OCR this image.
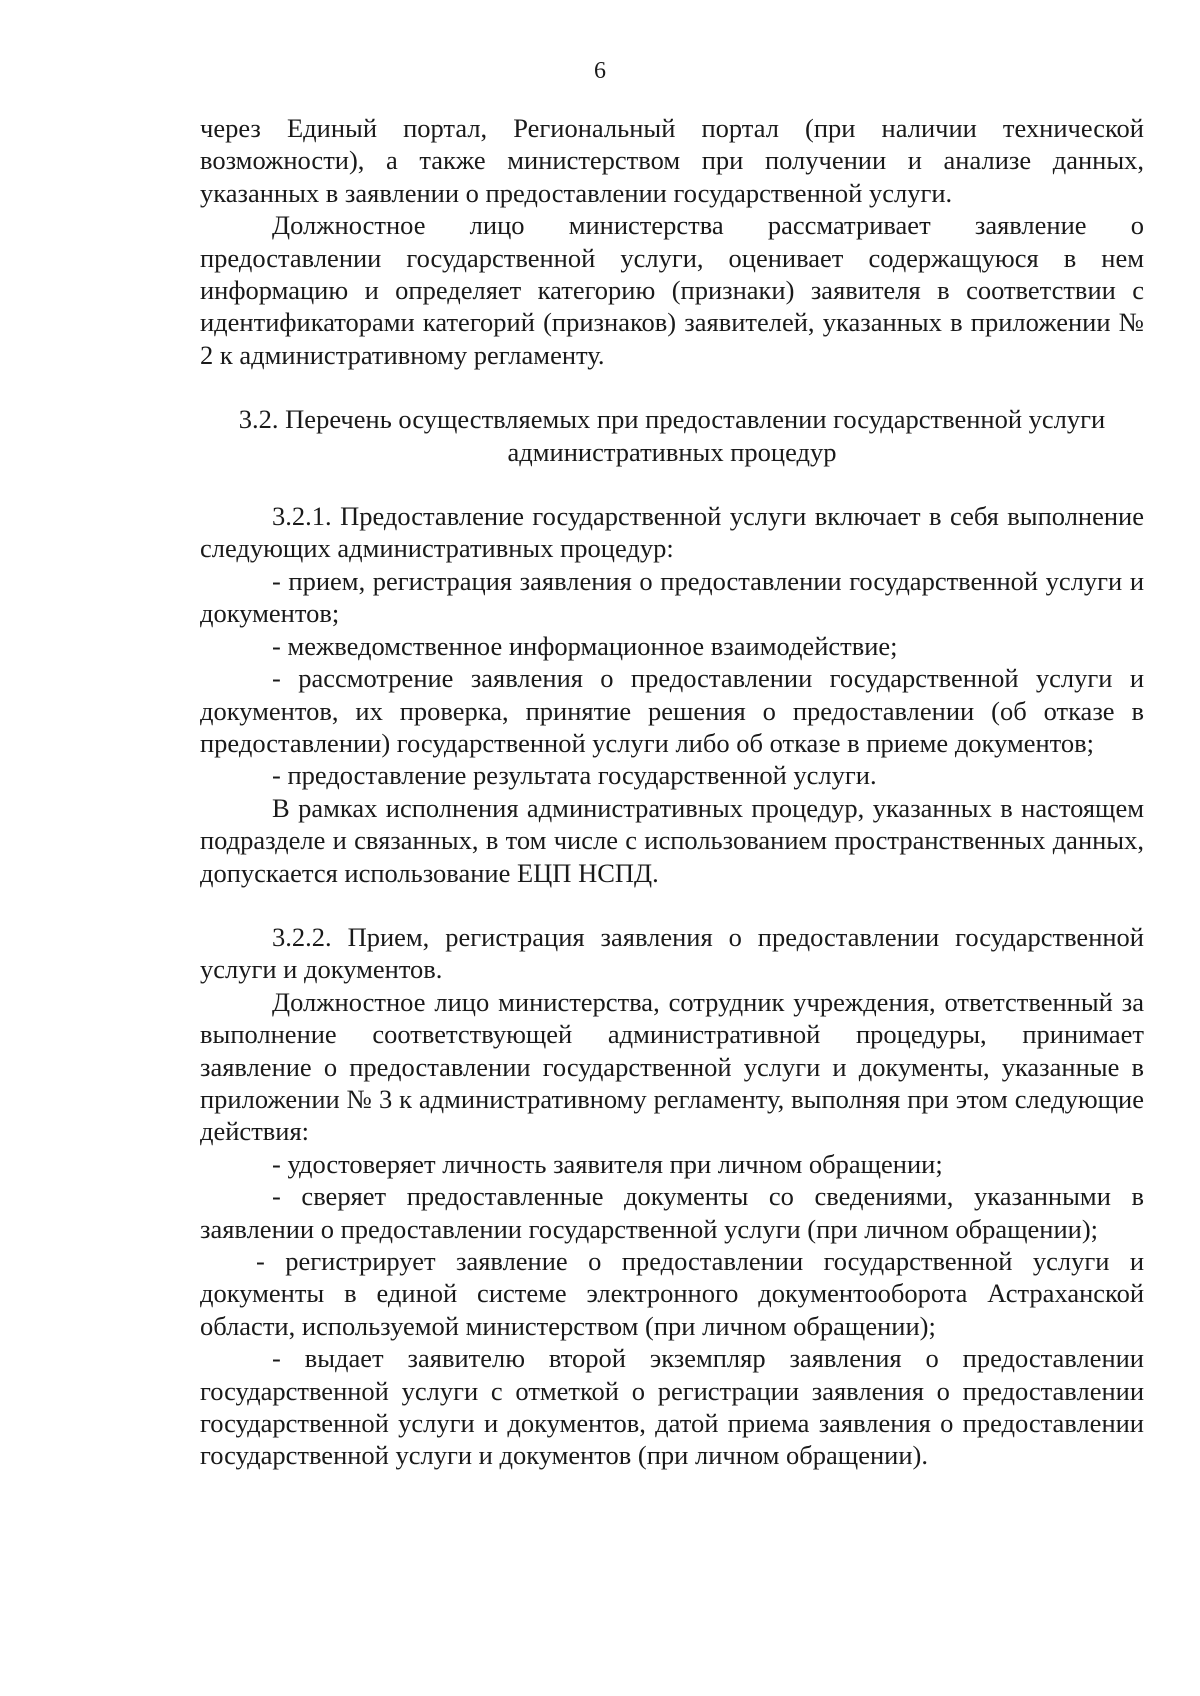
6

через Единый портал, Региональный портал (при наличии технической возможности), а также министерством при получении и анализе данных, указанных в заявлении о предоставлении государственной услуги.

Должностное лицо министерства рассматривает заявление о предоставлении государственной услуги, оценивает содержащуюся в нем информацию и определяет категорию (признаки) заявителя в соответствии с идентификаторами категорий (признаков) заявителей, указанных в приложении № 2 к административному регламенту.

3.2. Перечень осуществляемых при предоставлении государственной услуги административных процедур

3.2.1. Предоставление государственной услуги включает в себя выполнение следующих административных процедур:

- прием, регистрация заявления о предоставлении государственной услуги и документов;

- межведомственное информационное взаимодействие;

- рассмотрение заявления о предоставлении государственной услуги и документов, их проверка, принятие решения о предоставлении (об отказе в предоставлении) государственной услуги либо об отказе в приеме документов;

- предоставление результата государственной услуги.

В рамках исполнения административных процедур, указанных в настоящем подразделе и связанных, в том числе с использованием пространственных данных, допускается использование ЕЦП НСПД.

3.2.2. Прием, регистрация заявления о предоставлении государственной услуги и документов.

Должностное лицо министерства, сотрудник учреждения, ответственный за выполнение соответствующей административной процедуры, принимает заявление о предоставлении государственной услуги и документы, указанные в приложении № 3 к административному регламенту, выполняя при этом следующие действия:

- удостоверяет личность заявителя при личном обращении;

- сверяет предоставленные документы со сведениями, указанными в заявлении о предоставлении государственной услуги (при личном обращении);

- регистрирует заявление о предоставлении государственной услуги и документы в единой системе электронного документооборота Астраханской области, используемой министерством (при личном обращении);

- выдает заявителю второй экземпляр заявления о предоставлении государственной услуги с отметкой о регистрации заявления о предоставлении государственной услуги и документов, датой приема заявления о предоставлении государственной услуги и документов (при личном обращении).
